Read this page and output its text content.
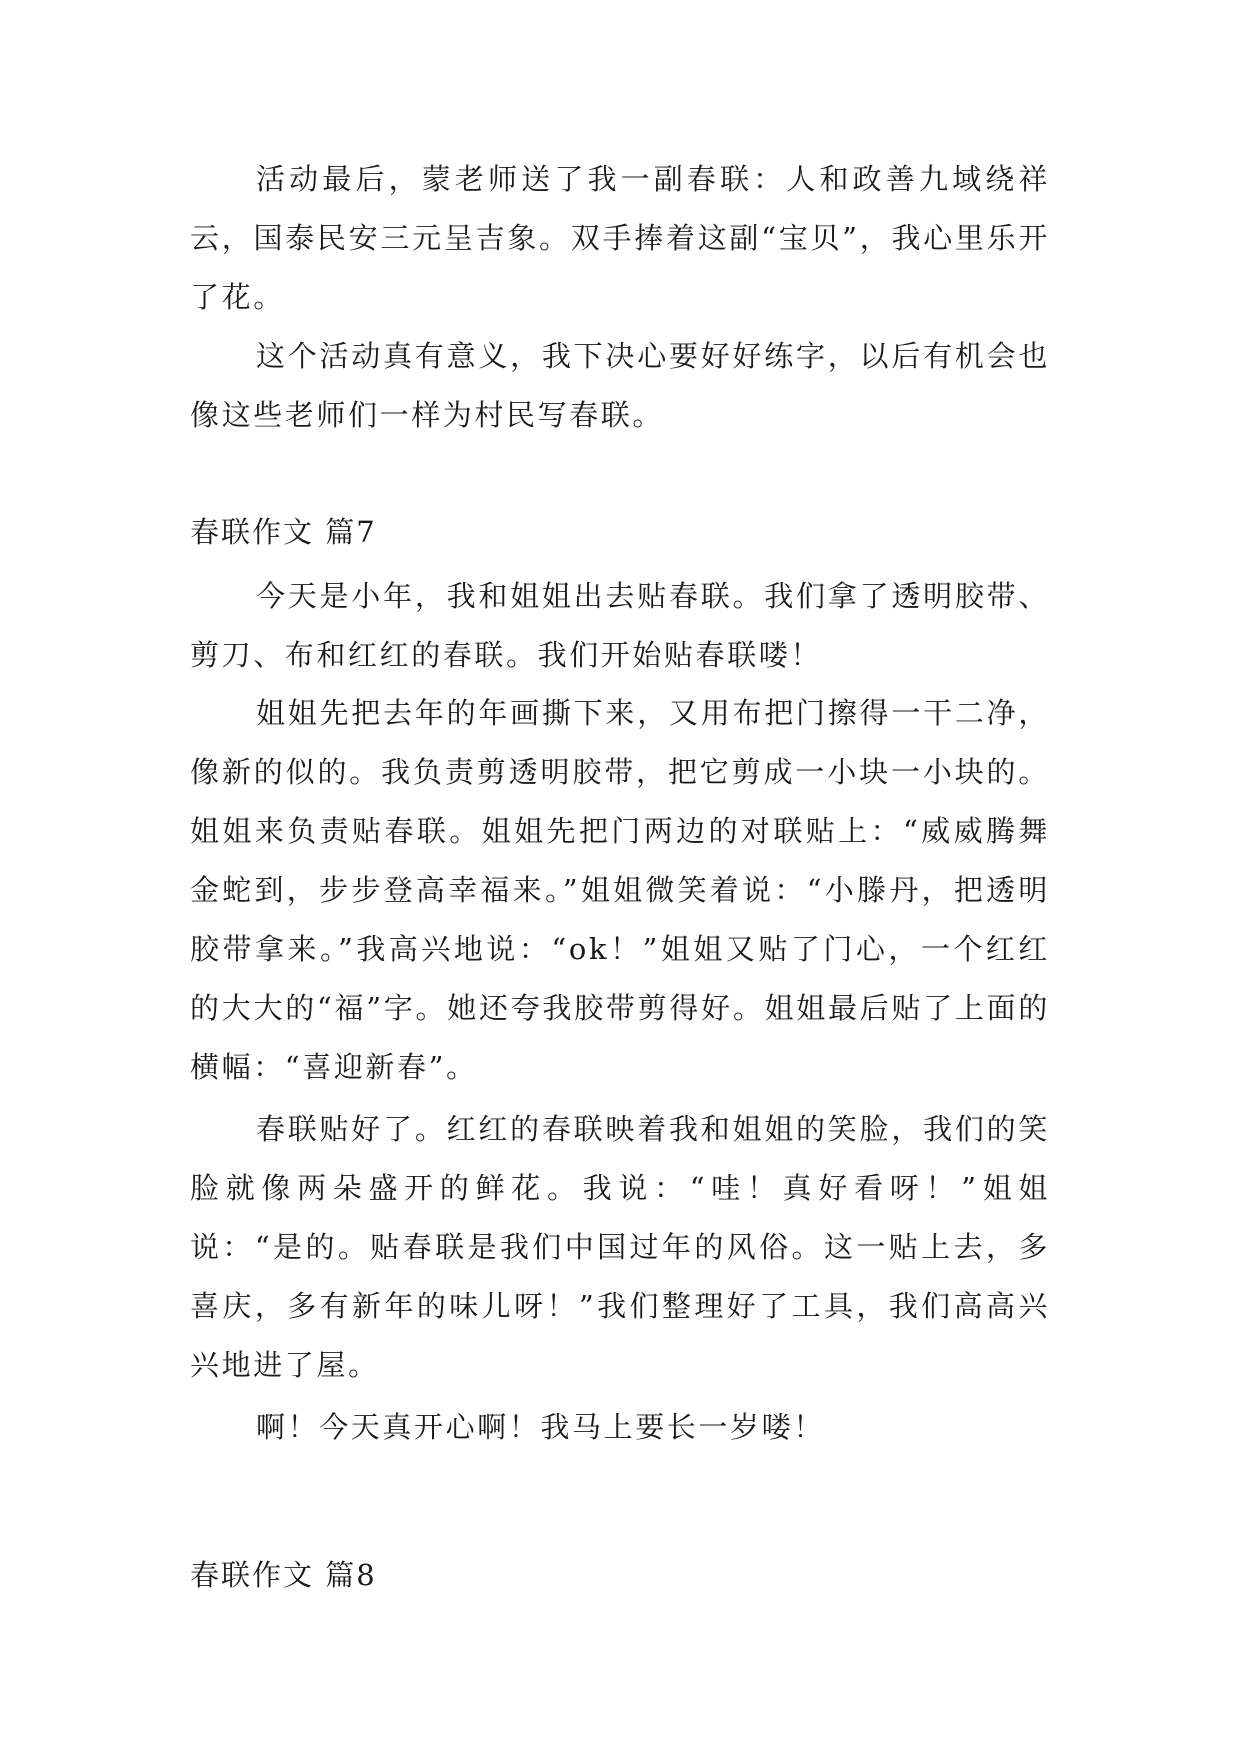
活动最后，蒙老师送了我一副春联：人和政善九域绕祥云，国泰民安三元呈吉象。双手捧着这副“宝贝”，我心里乐开了花。

这个活动真有意义，我下决心要好好练字，以后有机会也像这些老师们一样为村民写春联。

春联作文 篇7

今天是小年，我和姐姐出去贴春联。我们拿了透明胶带、剪刀、布和红红的春联。我们开始贴春联喽！

姐姐先把去年的年画撕下来，又用布把门擦得一干二净，像新的似的。我负责剪透明胶带，把它剪成一小块一小块的。姐姐来负责贴春联。姐姐先把门两边的对联贴上：“威威腾舞金蛇到，步步登高幸福来。”姐姐微笑着说：“小滕丹，把透明胶带拿来。”我高兴地说：“ok！”姐姐又贴了门心，一个红红的大大的“福”字。她还夸我胶带剪得好。姐姐最后贴了上面的横幅：“喜迎新春”。

春联贴好了。红红的春联映着我和姐姐的笑脸，我们的笑脸就像两朵盛开的鲜花。我说：“哇！真好看呀！”姐姐说：“是的。贴春联是我们中国过年的风俗。这一贴上去，多喜庆，多有新年的味儿呀！”我们整理好了工具，我们高高兴兴地进了屋。

啊！今天真开心啊！我马上要长一岁喽！

春联作文 篇8
